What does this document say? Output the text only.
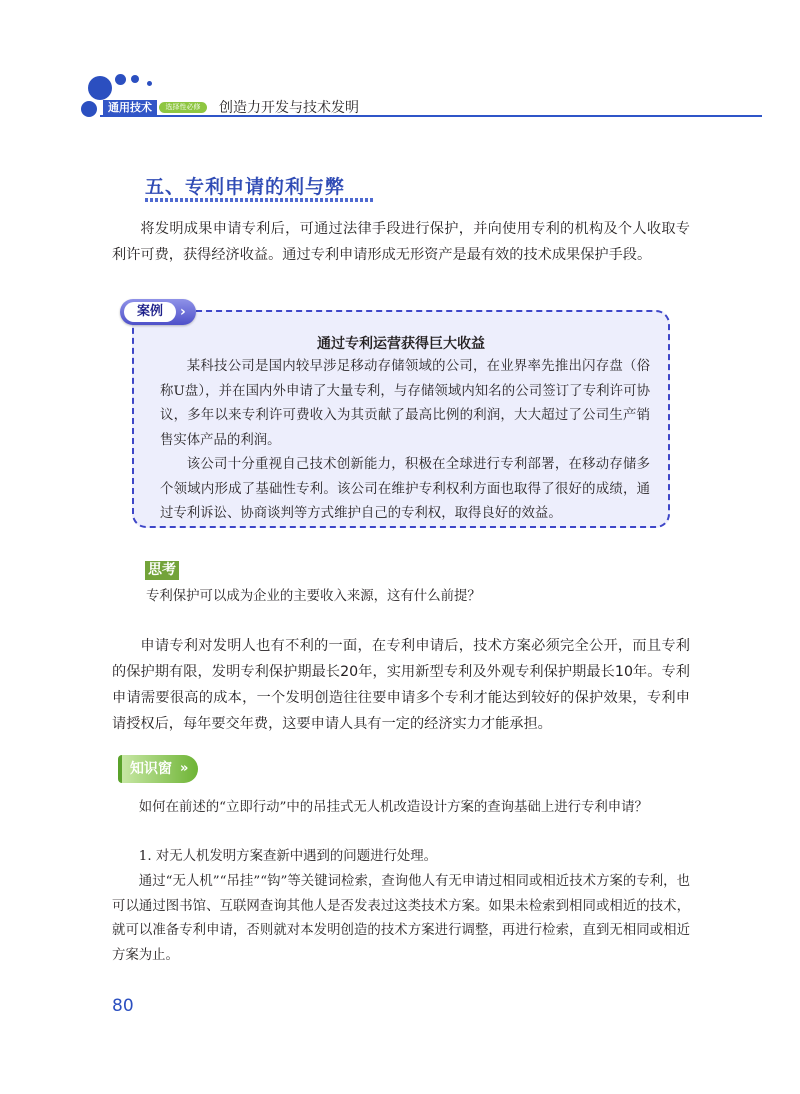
通用技术	选择性必修	创造力开发与技术发明
五、专利申请的利与弊

将发明成果申请专利后，可通过法律手段进行保护，并向使用专利的机构及个人收取专利许可费，获得经济收益。通过专利申请形成无形资产是最有效的技术成果保护手段。

案例	›
通过专利运营获得巨大收益

某科技公司是国内较早涉足移动存储领域的公司，在业界率先推出闪存盘（俗称U盘），并在国内外申请了大量专利，与存储领域内知名的公司签订了专利许可协议，多年以来专利许可费收入为其贡献了最高比例的利润，大大超过了公司生产销售实体产品的利润。

该公司十分重视自己技术创新能力，积极在全球进行专利部署，在移动存储多个领域内形成了基础性专利。该公司在维护专利权利方面也取得了很好的成绩，通过专利诉讼、协商谈判等方式维护自己的专利权，取得良好的效益。

思考
专利保护可以成为企业的主要收入来源，这有什么前提？

申请专利对发明人也有不利的一面，在专利申请后，技术方案必须完全公开，而且专利的保护期有限，发明专利保护期最长20年，实用新型专利及外观专利保护期最长10年。专利申请需要很高的成本，一个发明创造往往要申请多个专利才能达到较好的保护效果，专利申请授权后，每年要交年费，这要申请人具有一定的经济实力才能承担。

知识窗 »

如何在前述的“立即行动”中的吊挂式无人机改造设计方案的查询基础上进行专利申请？

1. 对无人机发明方案查新中遇到的问题进行处理。

通过“无人机”“吊挂”“钩”等关键词检索，查询他人有无申请过相同或相近技术方案的专利，也可以通过图书馆、互联网查询其他人是否发表过这类技术方案。如果未检索到相同或相近的技术，就可以准备专利申请，否则就对本发明创造的技术方案进行调整，再进行检索，直到无相同或相近方案为止。

80
